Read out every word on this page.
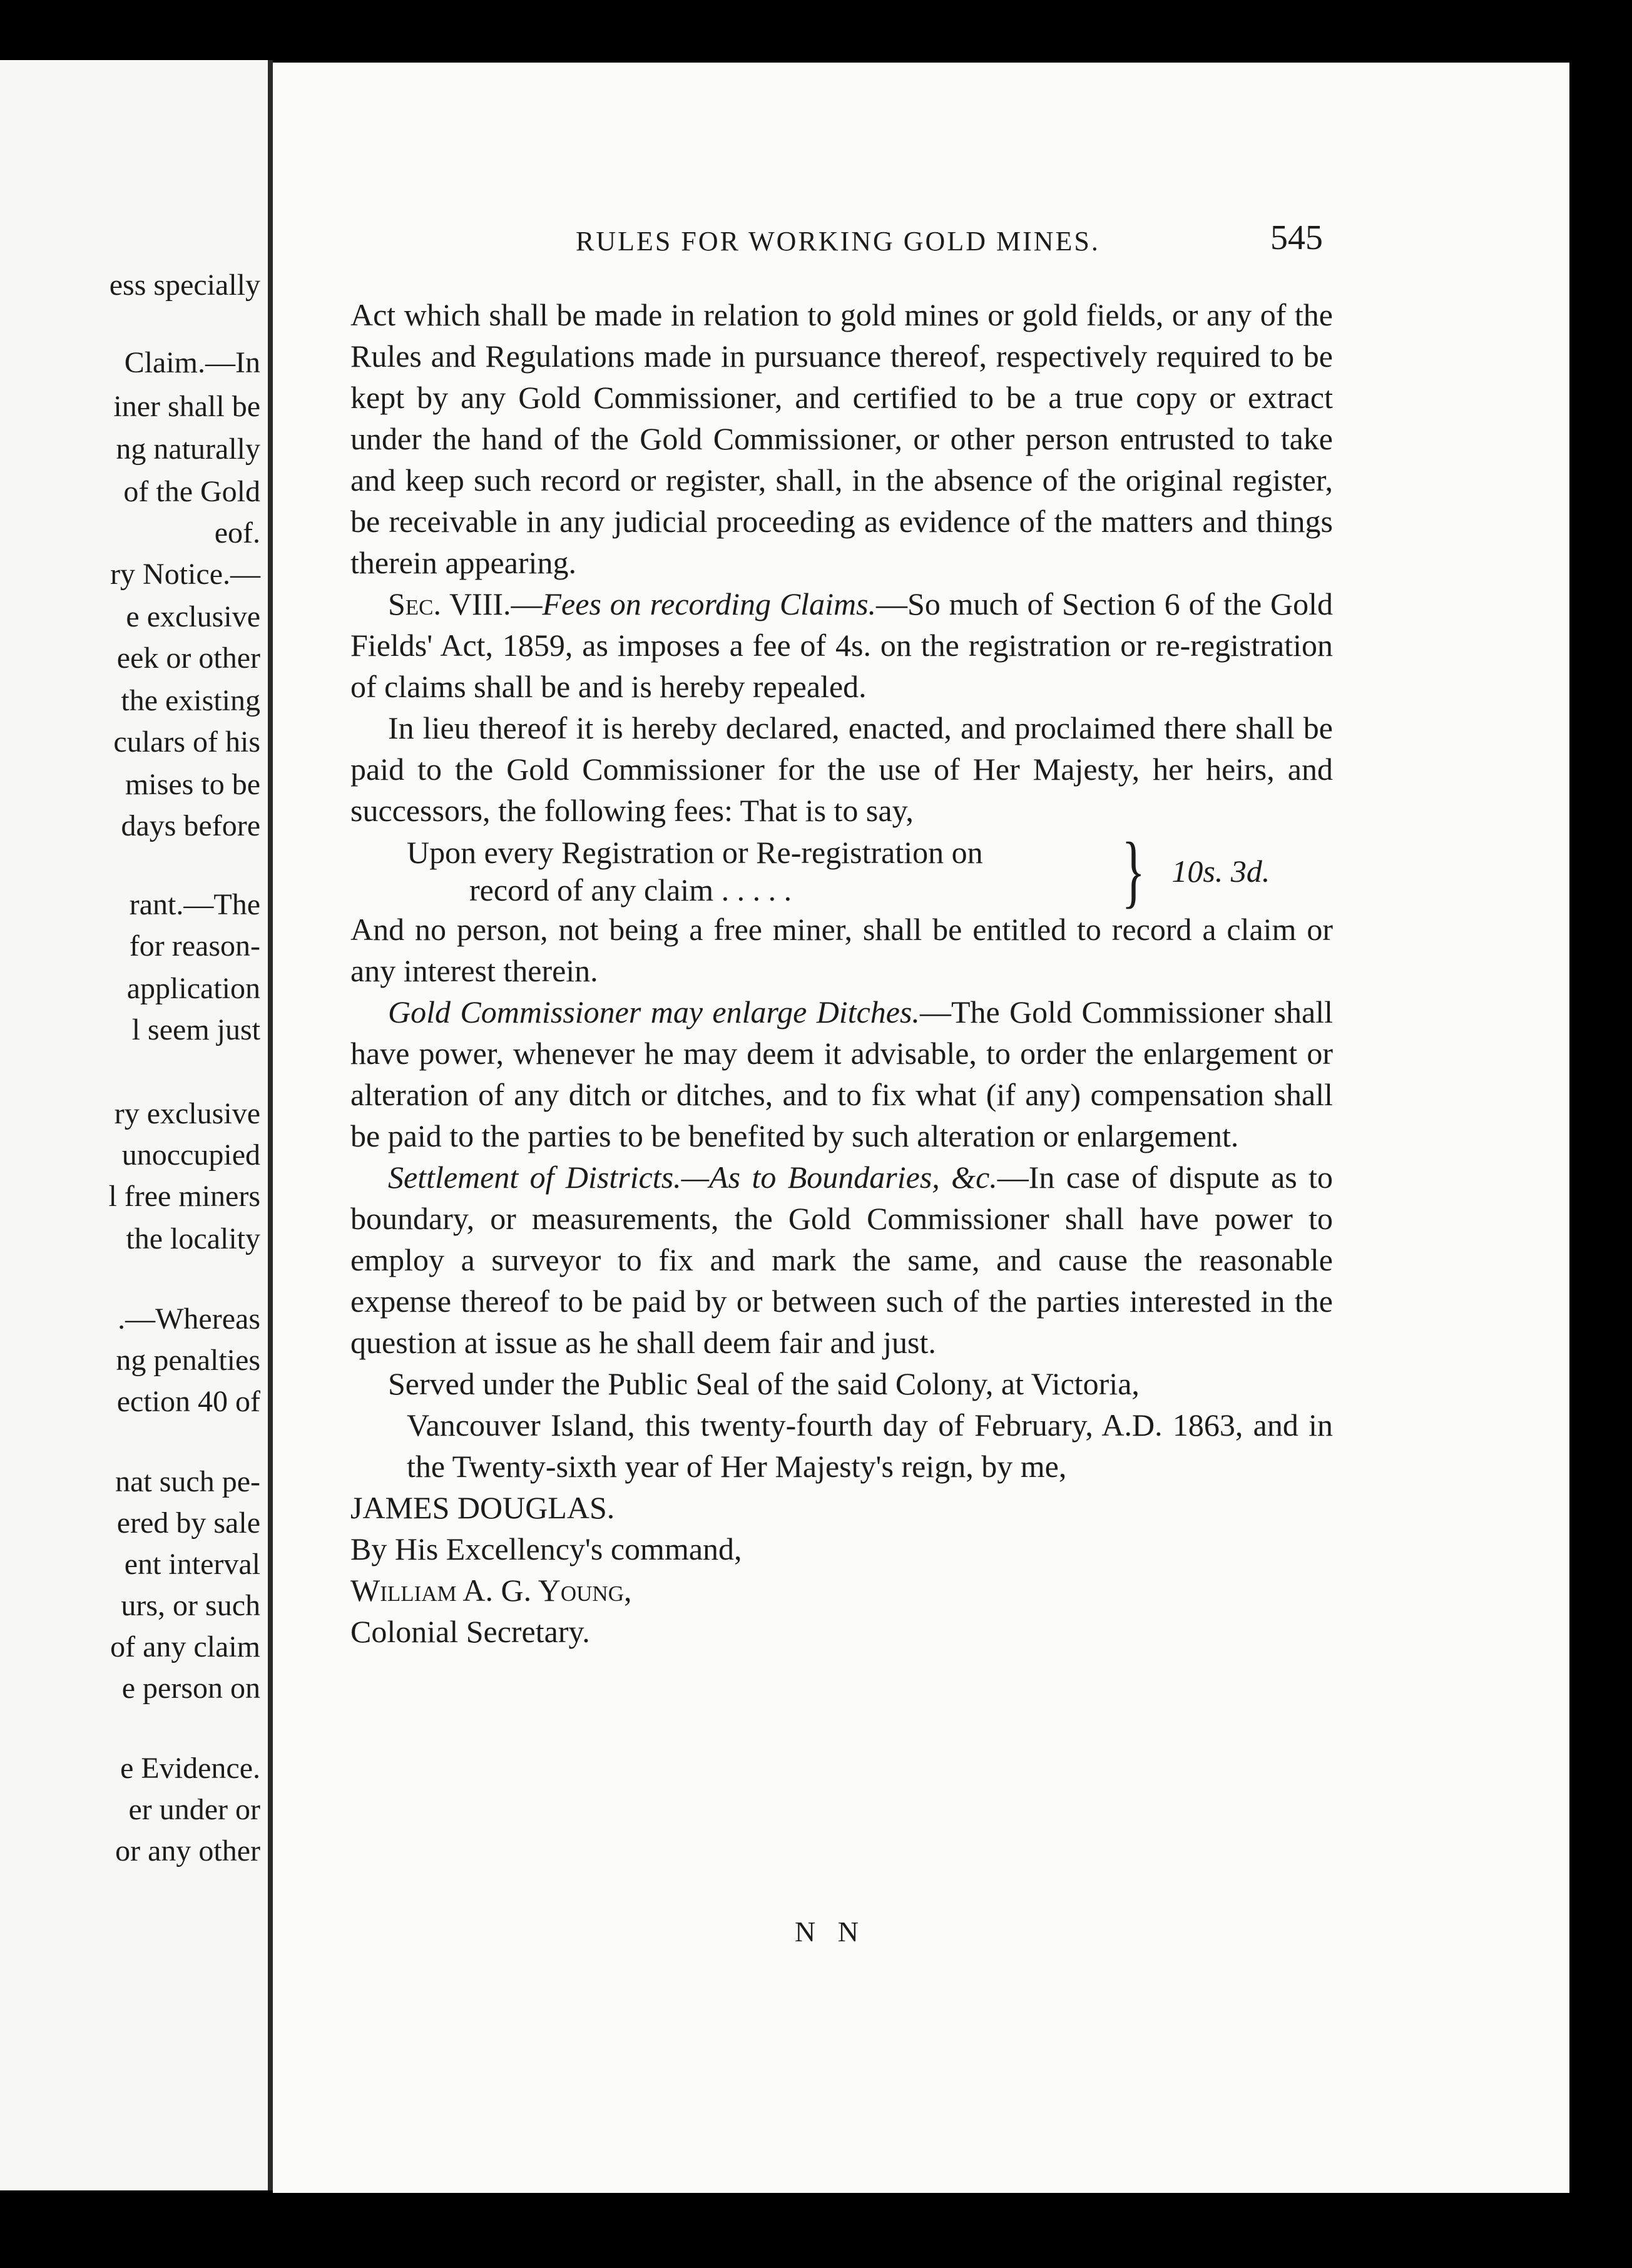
ess specially

Claim.—In

iner shall be

ng naturally

of the Gold

eof.

ry Notice.—

e exclusive

eek or other

the existing

culars of his

mises to be

days before

rant.—The

for reason-

application

l seem just

ry exclusive

unoccupied

l free miners

the locality

.—Whereas

ng penalties

ection 40 of

nat such pe-

ered by sale

ent interval

urs, or such

of any claim

e person on

e Evidence.

er under or

or any other

RULES FOR WORKING GOLD MINES.	545

Act which shall be made in relation to gold mines or gold fields, or any of the Rules and Regulations made in pursuance thereof, respectively required to be kept by any Gold Commissioner, and certified to be a true copy or extract under the hand of the Gold Commissioner, or other person entrusted to take and keep such record or register, shall, in the absence of the original register, be receivable in any judicial proceeding as evidence of the matters and things therein appearing.

Sec. VIII.—Fees on recording Claims.—So much of Section 6 of the Gold Fields' Act, 1859, as imposes a fee of 4s. on the registration or re-registration of claims shall be and is hereby repealed.

In lieu thereof it is hereby declared, enacted, and proclaimed there shall be paid to the Gold Commissioner for the use of Her Majesty, her heirs, and successors, the following fees: That is to say,

Upon every Registration or Re-registration on
record of any claim . . . . .	} 10s. 3d.

And no person, not being a free miner, shall be entitled to record a claim or any interest therein.

Gold Commissioner may enlarge Ditches.—The Gold Commissioner shall have power, whenever he may deem it advisable, to order the enlargement or alteration of any ditch or ditches, and to fix what (if any) compensation shall be paid to the parties to be benefited by such alteration or enlargement.

Settlement of Districts.—As to Boundaries, &c.—In case of dispute as to boundary, or measurements, the Gold Commissioner shall have power to employ a surveyor to fix and mark the same, and cause the reasonable expense thereof to be paid by or between such of the parties interested in the question at issue as he shall deem fair and just.

Served under the Public Seal of the said Colony, at Victoria,

Vancouver Island, this twenty-fourth day of February, A.D. 1863, and in the Twenty-sixth year of Her Majesty's reign, by me,

JAMES DOUGLAS.

By His Excellency's command,

William A. G. Young,

Colonial Secretary.

N N
